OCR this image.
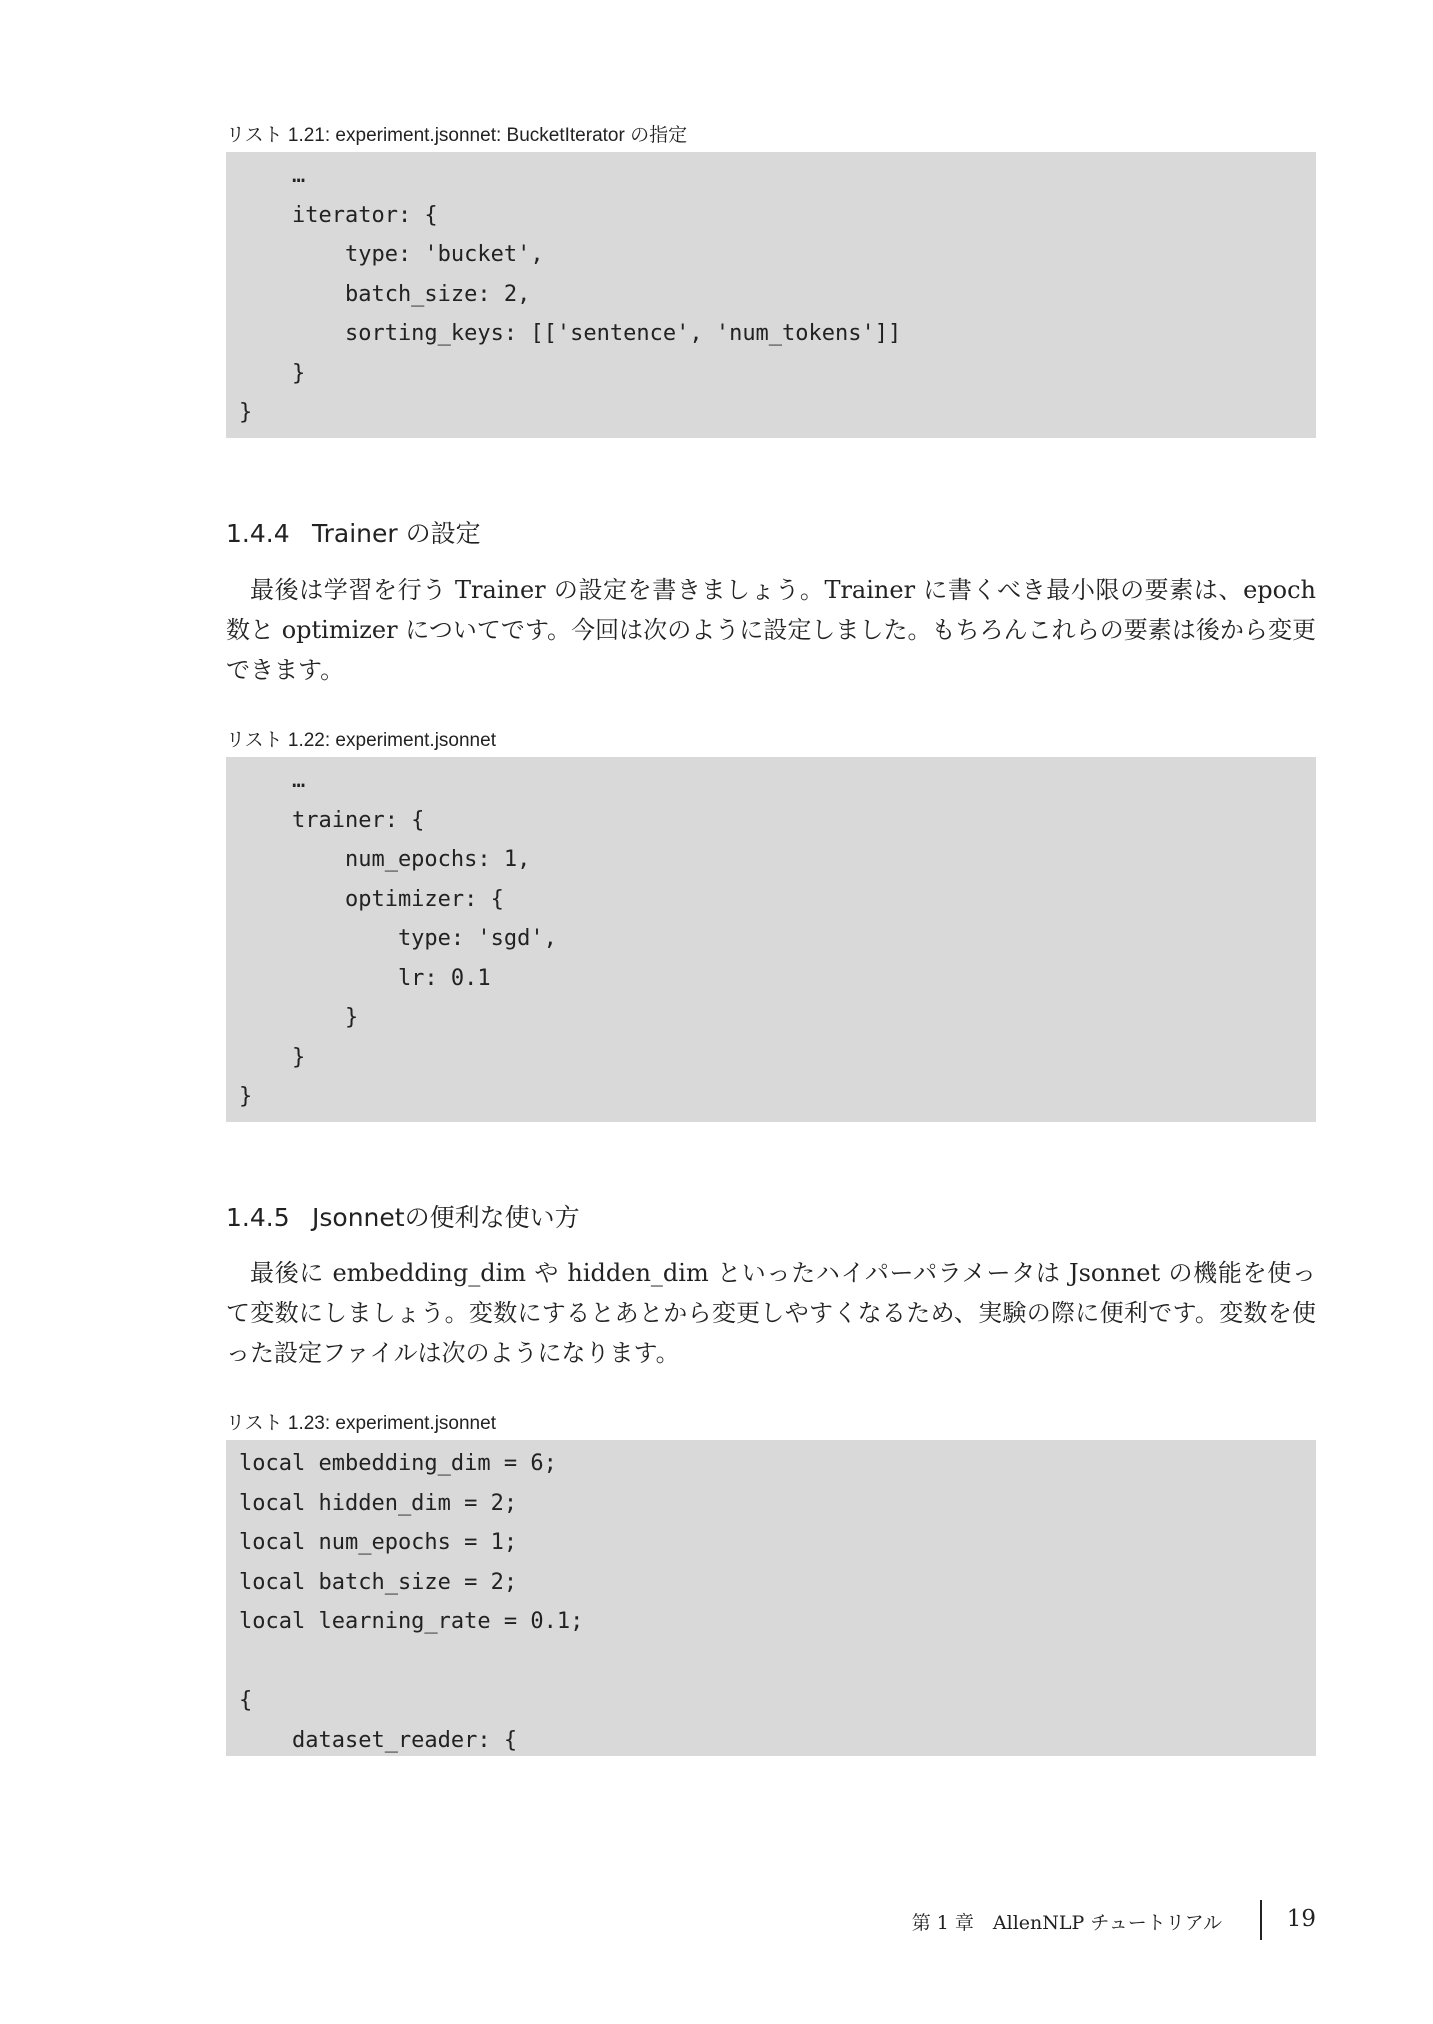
リスト 1.21: experiment.jsonnet: BucketIterator の指定
…
iterator: {
type: 'bucket',
batch_size: 2,
sorting_keys: [['sentence', 'num_tokens']]
}
}
1.4.4 Trainer の設定
最後は学習を行う Trainer の設定を書きましょう。Trainer に書くべき最小限の要素は、epoch 数と optimizer についてです。今回は次のように設定しました。もちろんこれらの要素は後から変更できます。
リスト 1.22: experiment.jsonnet
…
trainer: {
num_epochs: 1,
optimizer: {
type: 'sgd',
lr: 0.1
}
}
}
1.4.5 Jsonnetの便利な使い方
最後に embedding_dim や hidden_dim といったハイパーパラメータは Jsonnet の機能を使って変数にしましょう。変数にするとあとから変更しやすくなるため、実験の際に便利です。変数を使った設定ファイルは次のようになります。
リスト 1.23: experiment.jsonnet
local embedding_dim = 6;
local hidden_dim = 2;
local num_epochs = 1;
local batch_size = 2;
local learning_rate = 0.1;
{
dataset_reader: {
第 1 章　AllenNLP チュートリアル	19
